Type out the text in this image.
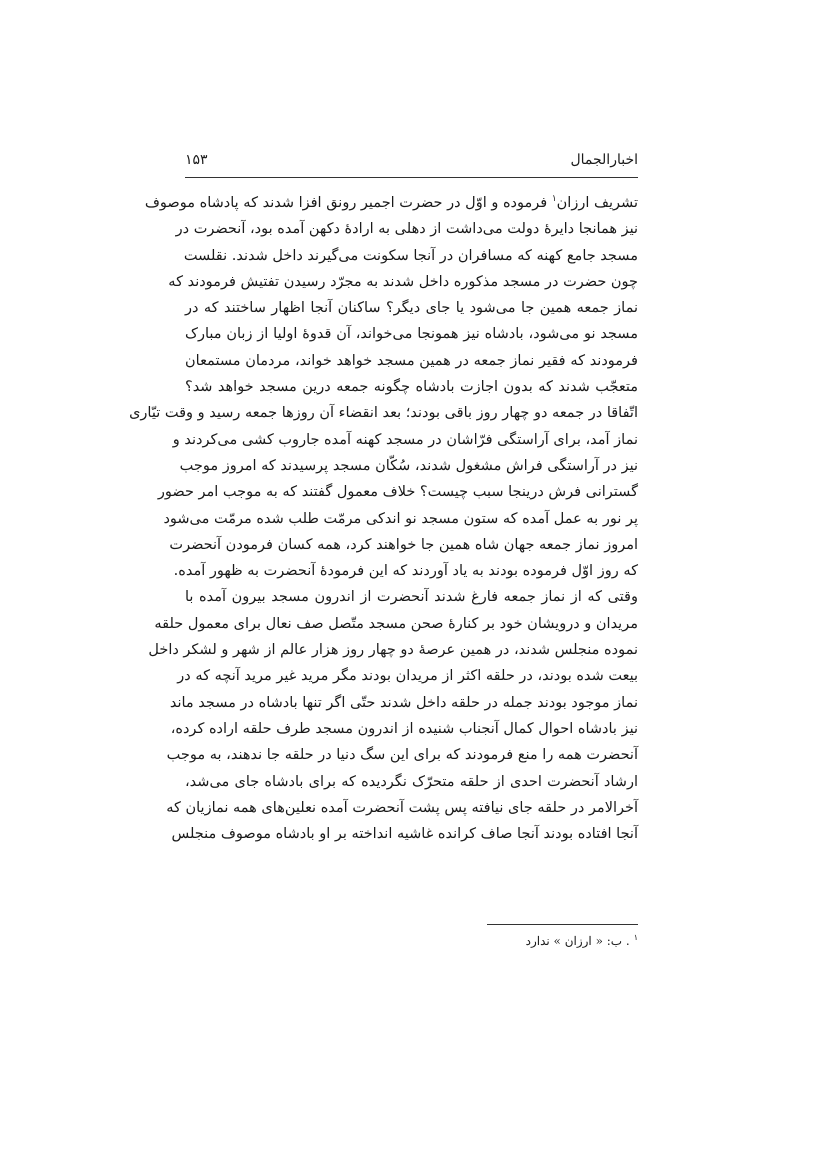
اخبارالجمال
۱۵۳
تشریف ارزان$^۱$ فرموده و اوّل در حضرت اجمیر رونق افزا شدند که پادشاه موصوف
نیز همانجا دایرهٔ دولت می‌داشت از دهلی به ارادهٔ دکهن آمده بود، آنحضرت در
مسجد جامع کهنه که مسافران در آنجا سکونت می‌گیرند داخل شدند. نقلست
چون حضرت در مسجد مذکوره داخل شدند به مجرّد رسیدن تفتیش فرمودند که
نماز جمعه همین جا می‌شود یا جای دیگر؟ ساکنان آنجا اظهار ساختند که در
مسجد نو می‌شود، بادشاه نیز همونجا می‌خواند، آن قدوهٔ اولیا از زبان مبارک
فرمودند که فقیر نماز جمعه در همین مسجد خواهد خواند، مردمان مستمعان
متعجّب شدند که بدون اجازت بادشاه چگونه جمعه درین مسجد خواهد شد؟
اتّفاقا در جمعه دو چهار روز باقی بودند؛ بعد انقضاء آن روزها جمعه رسید و وقت تیّاری
نماز آمد، برای آراستگی فرّاشان در مسجد کهنه آمده جاروب کشی می‌کردند و
نیز در آراستگی فراش مشغول شدند، سُکّان مسجد پرسیدند که امروز موجب
گسترانی فرش درینجا سبب چیست؟ خلاف معمول گفتند که به موجب امر حضور
پر نور به عمل آمده که ستون مسجد نو اندکی مرمّت طلب شده مرمّت می‌شود
امروز نماز جمعه جهان شاه همین جا خواهند کرد، همه کسان فرمودن آنحضرت
که روز اوّل فرموده بودند به یاد آوردند که این فرمودهٔ آنحضرت به ظهور آمده.
وقتی که از نماز جمعه فارغ شدند آنحضرت از اندرون مسجد بیرون آمده با
مریدان و درویشان خود بر کنارهٔ صحن مسجد متّصل صف نعال برای معمول حلقه
نموده منجلس شدند، در همین عرصهٔ دو چهار روز هزار عالم از شهر و لشکر داخل
بیعت شده بودند، در حلقه اکثر از مریدان بودند مگر مرید غیر مرید آنچه که در
نماز موجود بودند جمله در حلقه داخل شدند حتّی اگر تنها بادشاه در مسجد ماند
نیز بادشاه احوال کمال آنجناب شنیده از اندرون مسجد طرف حلقه اراده کرده،
آنحضرت همه را منع فرمودند که برای این سگ دنیا در حلقه جا ندهند، به موجب
ارشاد آنحضرت احدی از حلقه متحرّک نگردیده که برای بادشاه جای می‌شد،
آخرالامر در حلقه جای نیافته پس پشت آنحضرت آمده نعلین‌های همه نمازیان که
آنجا افتاده بودند آنجا صاف کرانده غاشیه انداخته بر او بادشاه موصوف منجلس
$^۱$. ب: « ارزان » ندارد
